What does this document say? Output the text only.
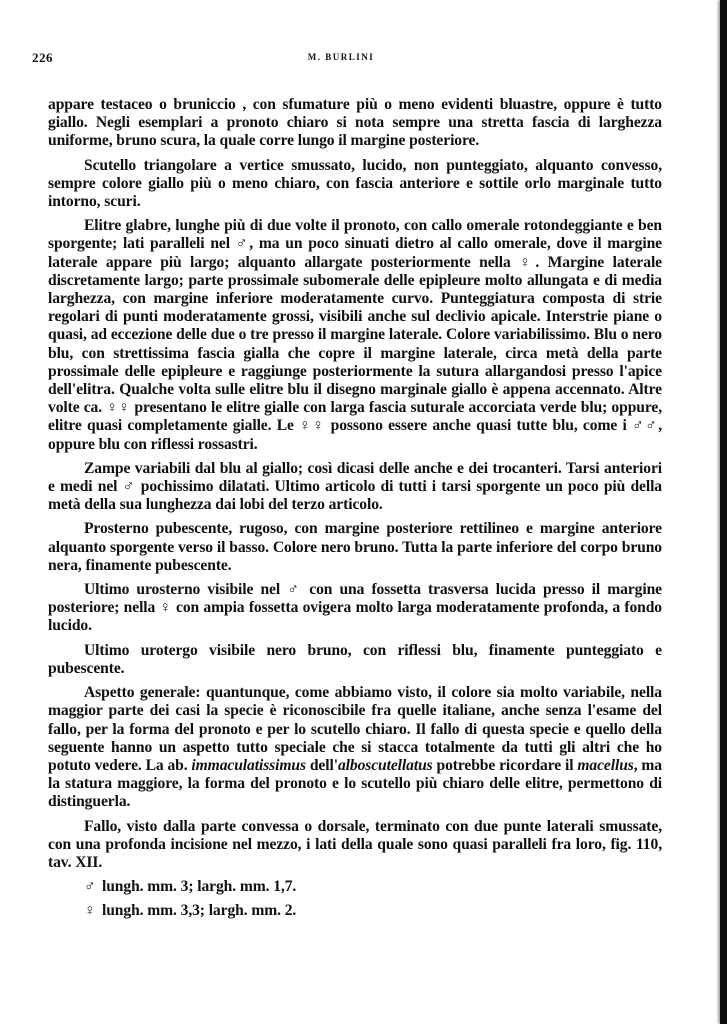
226	M. BURLINI

appare testaceo o bruniccio , con sfumature più o meno evidenti bluastre, oppure è tutto giallo. Negli esemplari a pronoto chiaro si nota sempre una stretta fascia di larghezza uniforme, bruno scura, la quale corre lungo il margine posteriore.

Scutello triangolare a vertice smussato, lucido, non punteggiato, alquanto convesso, sempre colore giallo più o meno chiaro, con fascia anteriore e sottile orlo marginale tutto intorno, scuri.

Elitre glabre, lunghe più di due volte il pronoto, con callo omerale rotondeggiante e ben sporgente; lati paralleli nel ♂, ma un poco sinuati dietro al callo omerale, dove il margine laterale appare più largo; alquanto allargate posteriormente nella ♀. Margine laterale discretamente largo; parte prossimale subomerale delle epipleure molto allungata e di media larghezza, con margine inferiore moderatamente curvo. Punteggiatura composta di strie regolari di punti moderatamente grossi, visibili anche sul declivio apicale. Interstrie piane o quasi, ad eccezione delle due o tre presso il margine laterale. Colore variabilissimo. Blu o nero blu, con strettissima fascia gialla che copre il margine laterale, circa metà della parte prossimale delle epipleure e raggiunge posteriormente la sutura allargandosi presso l'apice dell'elitra. Qualche volta sulle elitre blu il disegno marginale giallo è appena accennato. Altre volte ca. ♀♀ presentano le elitre gialle con larga fascia suturale accorciata verde blu; oppure, elitre quasi completamente gialle. Le ♀♀ possono essere anche quasi tutte blu, come i ♂♂, oppure blu con riflessi rossastri.

Zampe variabili dal blu al giallo; così dicasi delle anche e dei trocanteri. Tarsi anteriori e medi nel ♂ pochissimo dilatati. Ultimo articolo di tutti i tarsi sporgente un poco più della metà della sua lunghezza dai lobi del terzo articolo.

Prosterno pubescente, rugoso, con margine posteriore rettilineo e margine anteriore alquanto sporgente verso il basso. Colore nero bruno. Tutta la parte inferiore del corpo bruno nera, finamente pubescente.

Ultimo urosterno visibile nel ♂ con una fossetta trasversa lucida presso il margine posteriore; nella ♀ con ampia fossetta ovigera molto larga moderatamente profonda, a fondo lucido.

Ultimo urotergo visibile nero bruno, con riflessi blu, finamente punteggiato e pubescente.

Aspetto generale: quantunque, come abbiamo visto, il colore sia molto variabile, nella maggior parte dei casi la specie è riconoscibile fra quelle italiane, anche senza l'esame del fallo, per la forma del pronoto e per lo scutello chiaro. Il fallo di questa specie e quello della seguente hanno un aspetto tutto speciale che si stacca totalmente da tutti gli altri che ho potuto vedere. La ab. immaculatissimus dell'alboscutellatus potrebbe ricordare il macellus, ma la statura maggiore, la forma del pronoto e lo scutello più chiaro delle elitre, permettono di distinguerla.

Fallo, visto dalla parte convessa o dorsale, terminato con due punte laterali smussate, con una profonda incisione nel mezzo, i lati della quale sono quasi paralleli fra loro, fig. 110, tav. XII.

♂ lungh. mm. 3; largh. mm. 1,7.
♀ lungh. mm. 3,3; largh. mm. 2.
